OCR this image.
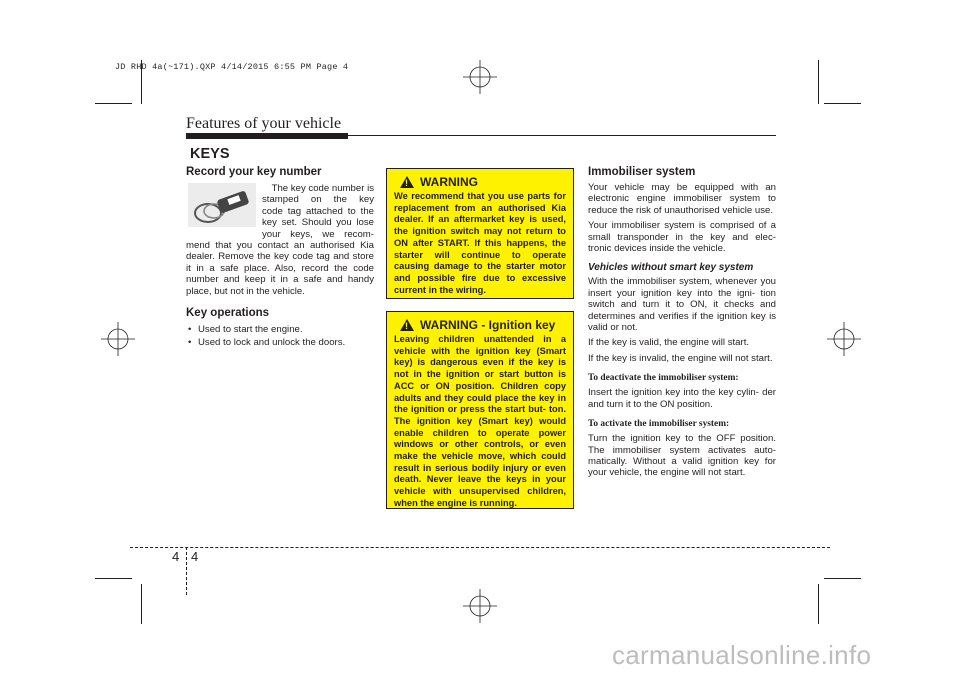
JD RHD 4a(~171).QXP 4/14/2015 6:55 PM Page 4
Features of your vehicle
KEYS
Record your key number
The key code number is
stamped on the key
code tag attached to the
key set. Should you lose
your keys, we recom-
mend that you contact an authorised Kia dealer. Remove the key code tag and store it in a safe place. Also, record the code number and keep it in a safe and handy place, but not in the vehicle.
Key operations
• Used to start the engine.
• Used to lock and unlock the doors.
! WARNING
We recommend that you use parts for replacement from an authorised Kia dealer. If an aftermarket key is used, the ignition switch may not return to ON after START. If this happens, the starter will continue to operate causing damage to the starter motor and possible fire due to excessive current in the wiring.
! WARNING - Ignition key
Leaving children unattended in a vehicle with the ignition key (Smart key) is dangerous even if the key is not in the ignition or start button is ACC or ON position. Children copy adults and they could place the key in the ignition or press the start but- ton. The ignition key (Smart key) would enable children to operate power windows or other controls, or even make the vehicle move, which could result in serious bodily injury or even death. Never leave the keys in your vehicle with unsupervised children, when the engine is running.
Immobiliser system
Your vehicle may be equipped with an electronic engine immobiliser system to reduce the risk of unauthorised vehicle use.
Your immobiliser system is comprised of a small transponder in the key and elec- tronic devices inside the vehicle.
Vehicles without smart key system
With the immobiliser system, whenever you insert your ignition key into the igni- tion switch and turn it to ON, it checks and determines and verifies if the ignition key is valid or not.
If the key is valid, the engine will start.
If the key is invalid, the engine will not start.
To deactivate the immobiliser system:
Insert the ignition key into the key cylin- der and turn it to the ON position.
To activate the immobiliser system:
Turn the ignition key to the OFF position. The immobiliser system activates auto- matically. Without a valid ignition key for your vehicle, the engine will not start.
4 4
carmanualsonline.info
